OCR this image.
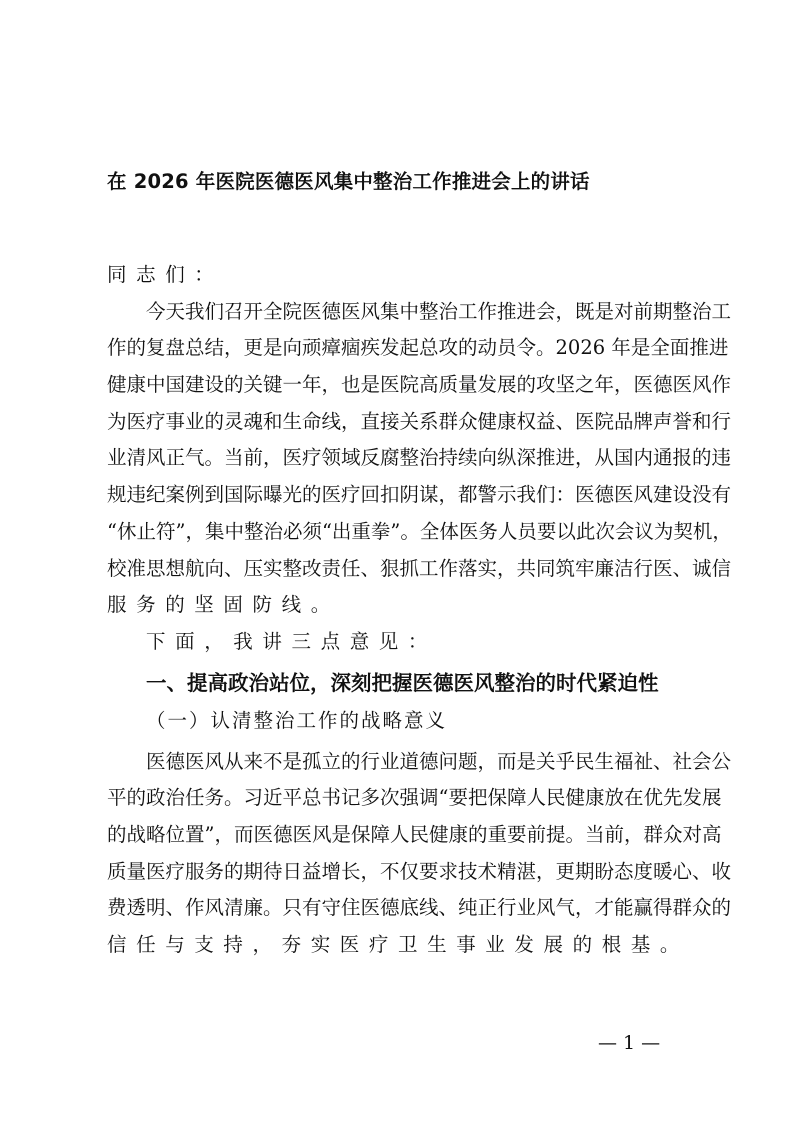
在 2026 年医院医德医风集中整治工作推进会上的讲话
同志们：
今天我们召开全院医德医风集中整治工作推进会，既是对前期整治工
作的复盘总结，更是向顽瘴痼疾发起总攻的动员令。2026 年是全面推进
健康中国建设的关键一年，也是医院高质量发展的攻坚之年，医德医风作
为医疗事业的灵魂和生命线，直接关系群众健康权益、医院品牌声誉和行
业清风正气。当前，医疗领域反腐整治持续向纵深推进，从国内通报的违
规违纪案例到国际曝光的医疗回扣阴谋，都警示我们：医德医风建设没有
“休止符”，集中整治必须“出重拳”。全体医务人员要以此次会议为契机，
校准思想航向、压实整改责任、狠抓工作落实，共同筑牢廉洁行医、诚信
服务的坚固防线。
下面，我讲三点意见：
一、提高政治站位，深刻把握医德医风整治的时代紧迫性
（一）认清整治工作的战略意义
医德医风从来不是孤立的行业道德问题，而是关乎民生福祉、社会公
平的政治任务。习近平总书记多次强调“要把保障人民健康放在优先发展
的战略位置”，而医德医风是保障人民健康的重要前提。当前，群众对高
质量医疗服务的期待日益增长，不仅要求技术精湛，更期盼态度暖心、收
费透明、作风清廉。只有守住医德底线、纯正行业风气，才能赢得群众的
信任与支持，夯实医疗卫生事业发展的根基。
— 1 —
